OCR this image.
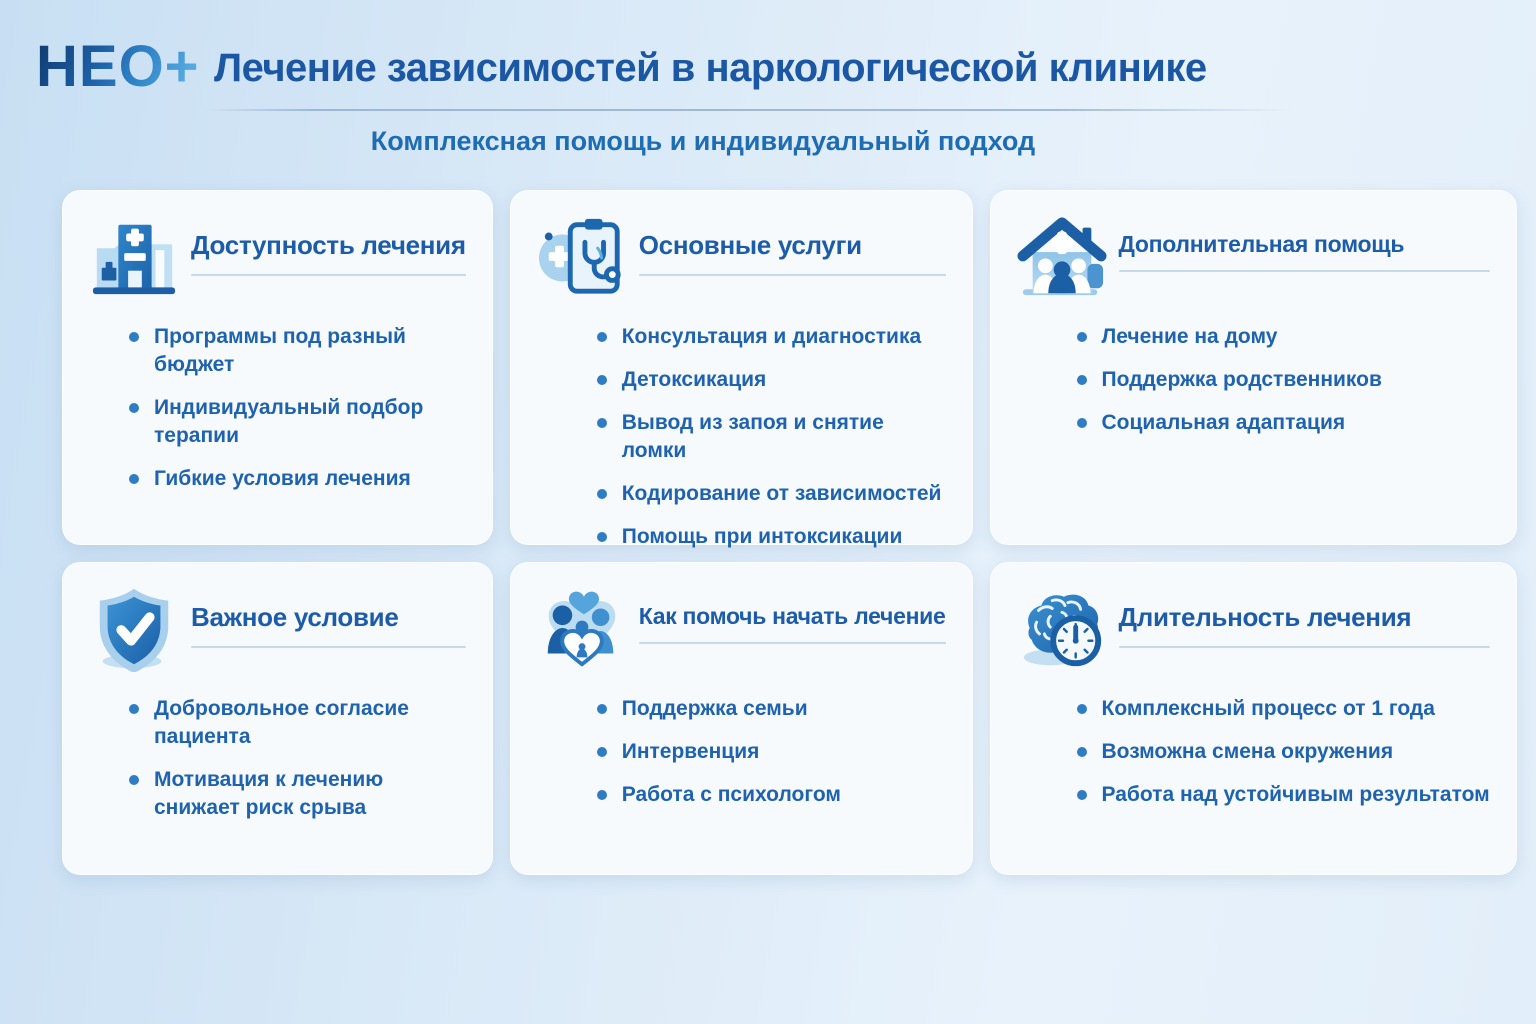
НЕО+ Лечение зависимостей в наркологической клинике
Комплексная помощь и индивидуальный подход
Доступность лечения
Программы под разный бюджет
Индивидуальный подбор терапии
Гибкие условия лечения
Основные услуги
Консультация и диагностика
Детоксикация
Вывод из запоя и снятие ломки
Кодирование от зависимостей
Помощь при интоксикации
Дополнительная помощь
Лечение на дому
Поддержка родственников
Социальная адаптация
Важное условие
Добровольное согласие пациента
Мотивация к лечению снижает риск срыва
Как помочь начать лечение
Поддержка семьи
Интервенция
Работа с психологом
Длительность лечения
Комплексный процесс от 1 года
Возможна смена окружения
Работа над устойчивым результатом
